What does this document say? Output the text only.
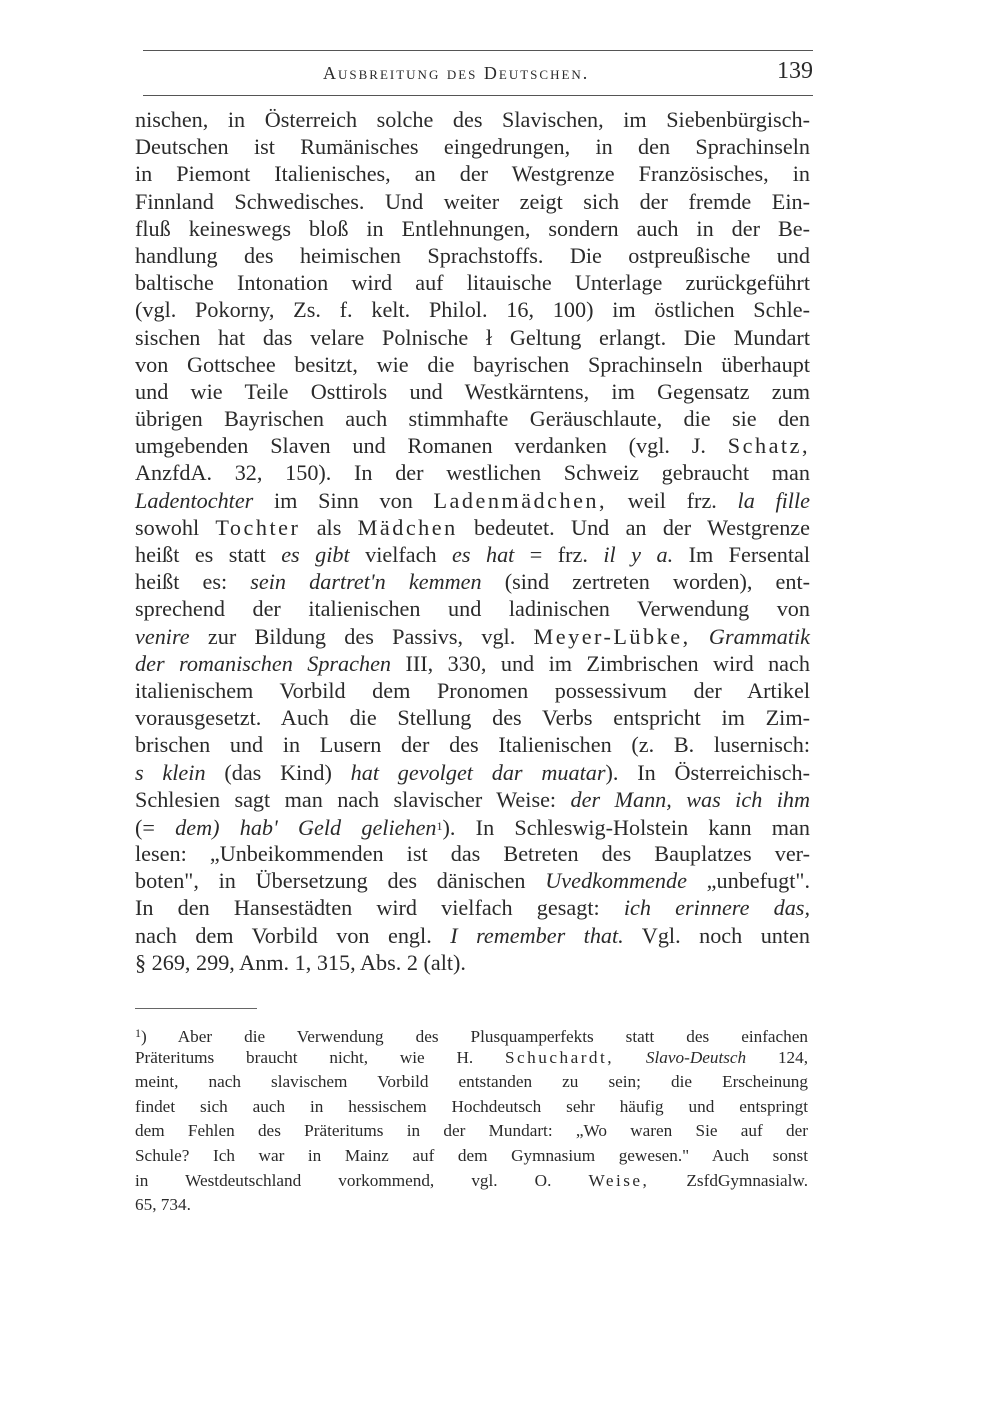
Ausbreitung des Deutschen.	139
nischen, in Österreich solche des Slavischen, im Siebenbürgisch-
Deutschen ist Rumänisches eingedrungen, in den Sprachinseln
in Piemont Italienisches, an der Westgrenze Französisches, in
Finnland Schwedisches. Und weiter zeigt sich der fremde Ein-
fluß keineswegs bloß in Entlehnungen, sondern auch in der Be-
handlung des heimischen Sprachstoffs. Die ostpreußische und
baltische Intonation wird auf litauische Unterlage zurückgeführt
(vgl. Pokorny, Zs. f. kelt. Philol. 16, 100) im östlichen Schle-
sischen hat das velare Polnische ł Geltung erlangt. Die Mundart
von Gottschee besitzt, wie die bayrischen Sprachinseln überhaupt
und wie Teile Osttirols und Westkärntens, im Gegensatz zum
übrigen Bayrischen auch stimmhafte Geräuschlaute, die sie den
umgebenden Slaven und Romanen verdanken (vgl. J. Schatz,
AnzfdA. 32, 150). In der westlichen Schweiz gebraucht man
Ladentochter im Sinn von Ladenmädchen, weil frz. la fille
sowohl Tochter als Mädchen bedeutet. Und an der Westgrenze
heißt es statt es gibt vielfach es hat = frz. il y a. Im Fersental
heißt es: sein dartret'n kemmen (sind zertreten worden), ent-
sprechend der italienischen und ladinischen Verwendung von
venire zur Bildung des Passivs, vgl. Meyer-Lübke, Grammatik
der romanischen Sprachen III, 330, und im Zimbrischen wird nach
italienischem Vorbild dem Pronomen possessivum der Artikel
vorausgesetzt. Auch die Stellung des Verbs entspricht im Zim-
brischen und in Lusern der des Italienischen (z. B. lusernisch:
s klein (das Kind) hat gevolget dar muatar). In Österreichisch-
Schlesien sagt man nach slavischer Weise: der Mann, was ich ihm
(= dem) hab' Geld geliehen$^1$). In Schleswig-Holstein kann man
lesen: „Unbeikommenden ist das Betreten des Bauplatzes ver-
boten", in Übersetzung des dänischen Uvedkommende „unbefugt".
In den Hansestädten wird vielfach gesagt: ich erinnere das,
nach dem Vorbild von engl. I remember that. Vgl. noch unten
§ 269, 299, Anm. 1, 315, Abs. 2 (alt).
$^1$) Aber die Verwendung des Plusquamperfekts statt des einfachen
Präteritums braucht nicht, wie H. Schuchardt, Slavo-Deutsch 124,
meint, nach slavischem Vorbild entstanden zu sein; die Erscheinung
findet sich auch in hessischem Hochdeutsch sehr häufig und entspringt
dem Fehlen des Präteritums in der Mundart: „Wo waren Sie auf der
Schule? Ich war in Mainz auf dem Gymnasium gewesen." Auch sonst
in Westdeutschland vorkommend, vgl. O. Weise, ZsfdGymnasialw.
65, 734.
